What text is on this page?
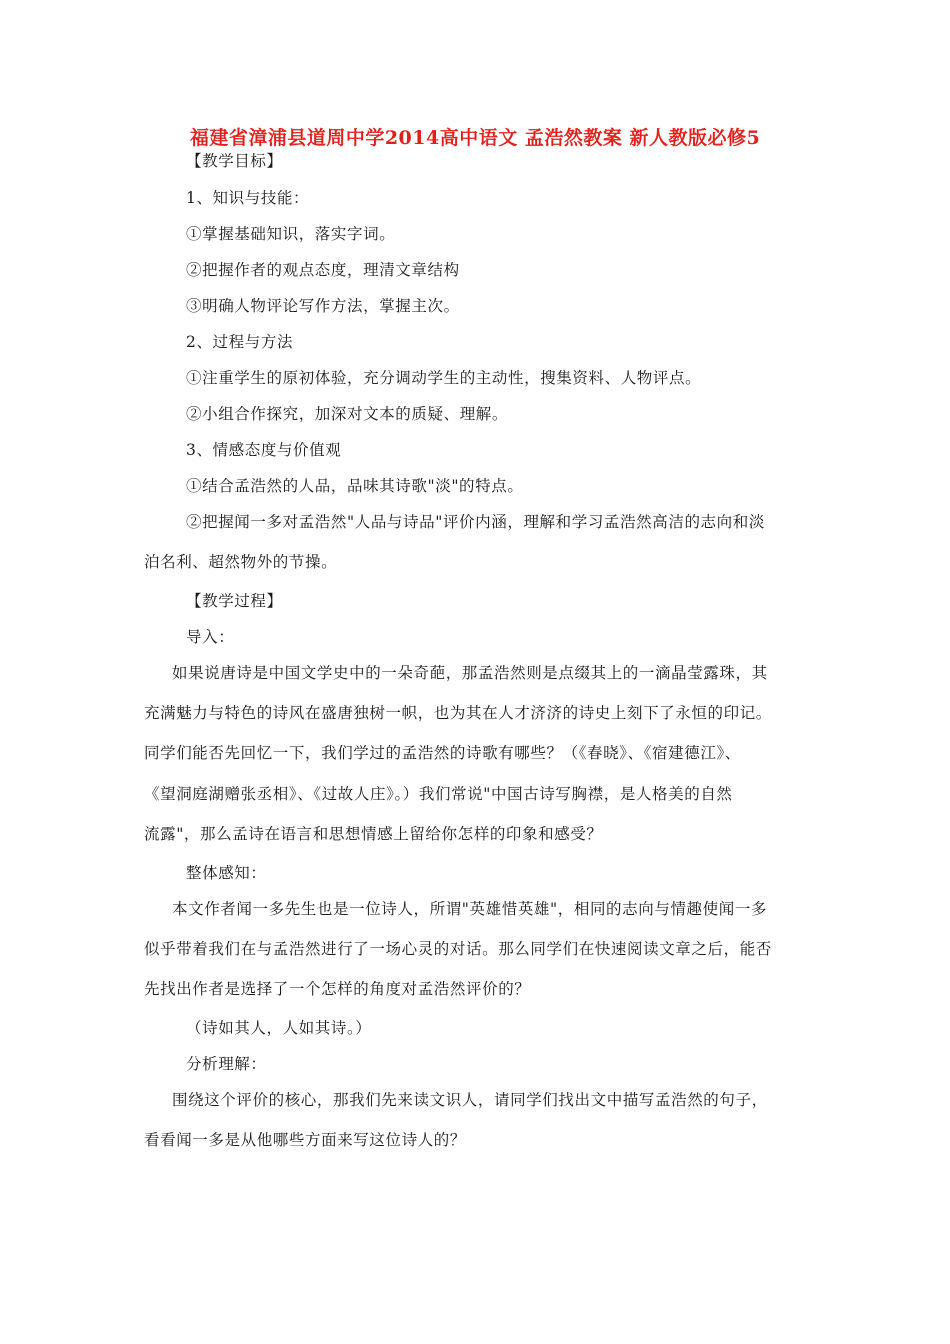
福建省漳浦县道周中学2014高中语文 孟浩然教案 新人教版必修5
【教学目标】
1、知识与技能：
①掌握基础知识，落实字词。
②把握作者的观点态度，理清文章结构
③明确人物评论写作方法，掌握主次。
2、过程与方法
①注重学生的原初体验，充分调动学生的主动性，搜集资料、人物评点。
②小组合作探究，加深对文本的质疑、理解。
3、情感态度与价值观
①结合孟浩然的人品，品味其诗歌"淡"的特点。
②把握闻一多对孟浩然"人品与诗品"评价内涵，理解和学习孟浩然高洁的志向和淡
泊名利、超然物外的节操。
【教学过程】
导入：
如果说唐诗是中国文学史中的一朵奇葩，那孟浩然则是点缀其上的一滴晶莹露珠，其
充满魅力与特色的诗风在盛唐独树一帜，也为其在人才济济的诗史上刻下了永恒的印记。
同学们能否先回忆一下，我们学过的孟浩然的诗歌有哪些？（《春晓》、《宿建德江》、
《望洞庭湖赠张丞相》、《过故人庄》。）我们常说"中国古诗写胸襟，是人格美的自然
流露"，那么孟诗在语言和思想情感上留给你怎样的印象和感受？
整体感知：
本文作者闻一多先生也是一位诗人，所谓"英雄惜英雄"，相同的志向与情趣使闻一多
似乎带着我们在与孟浩然进行了一场心灵的对话。那么同学们在快速阅读文章之后，能否
先找出作者是选择了一个怎样的角度对孟浩然评价的？
（诗如其人，人如其诗。）
分析理解：
围绕这个评价的核心，那我们先来读文识人，请同学们找出文中描写孟浩然的句子，
看看闻一多是从他哪些方面来写这位诗人的？
